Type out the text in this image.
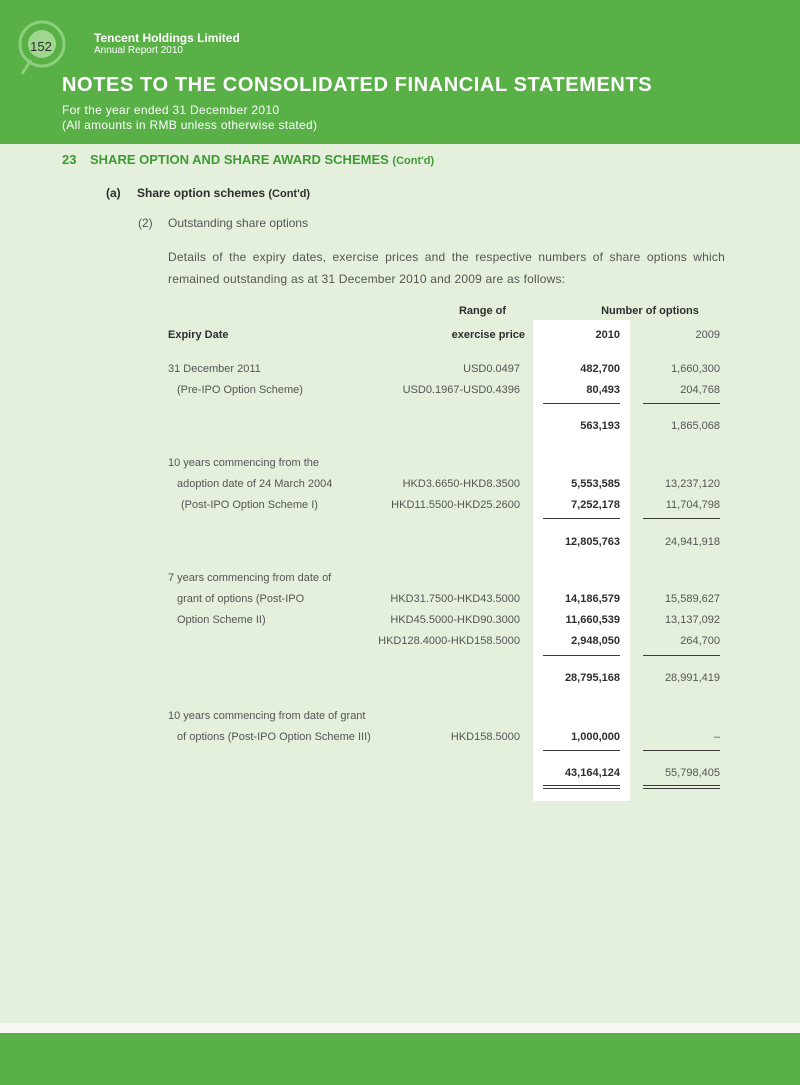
152
Tencent Holdings Limited
Annual Report 2010
NOTES TO THE CONSOLIDATED FINANCIAL STATEMENTS
For the year ended 31 December 2010
(All amounts in RMB unless otherwise stated)
23 SHARE OPTION AND SHARE AWARD SCHEMES (Cont'd)
(a) Share option schemes (Cont'd)
(2) Outstanding share options
Details of the expiry dates, exercise prices and the respective numbers of share options which remained outstanding as at 31 December 2010 and 2009 are as follows:
Range of	Number of options
Expiry Date	exercise price	2010	2009
31 December 2011	USD0.0497	482,700	1,660,300
(Pre-IPO Option Scheme)	USD0.1967-USD0.4396	80,493	204,768
563,193	1,865,068
10 years commencing from the
adoption date of 24 March 2004	HKD3.6650-HKD8.3500	5,553,585	13,237,120
(Post-IPO Option Scheme I)	HKD11.5500-HKD25.2600	7,252,178	11,704,798
12,805,763	24,941,918
7 years commencing from date of
grant of options (Post-IPO	HKD31.7500-HKD43.5000	14,186,579	15,589,627
Option Scheme II)	HKD45.5000-HKD90.3000	11,660,539	13,137,092
HKD128.4000-HKD158.5000	2,948,050	264,700
28,795,168	28,991,419
10 years commencing from date of grant
of options (Post-IPO Option Scheme III)	HKD158.5000	1,000,000	–
43,164,124	55,798,405
